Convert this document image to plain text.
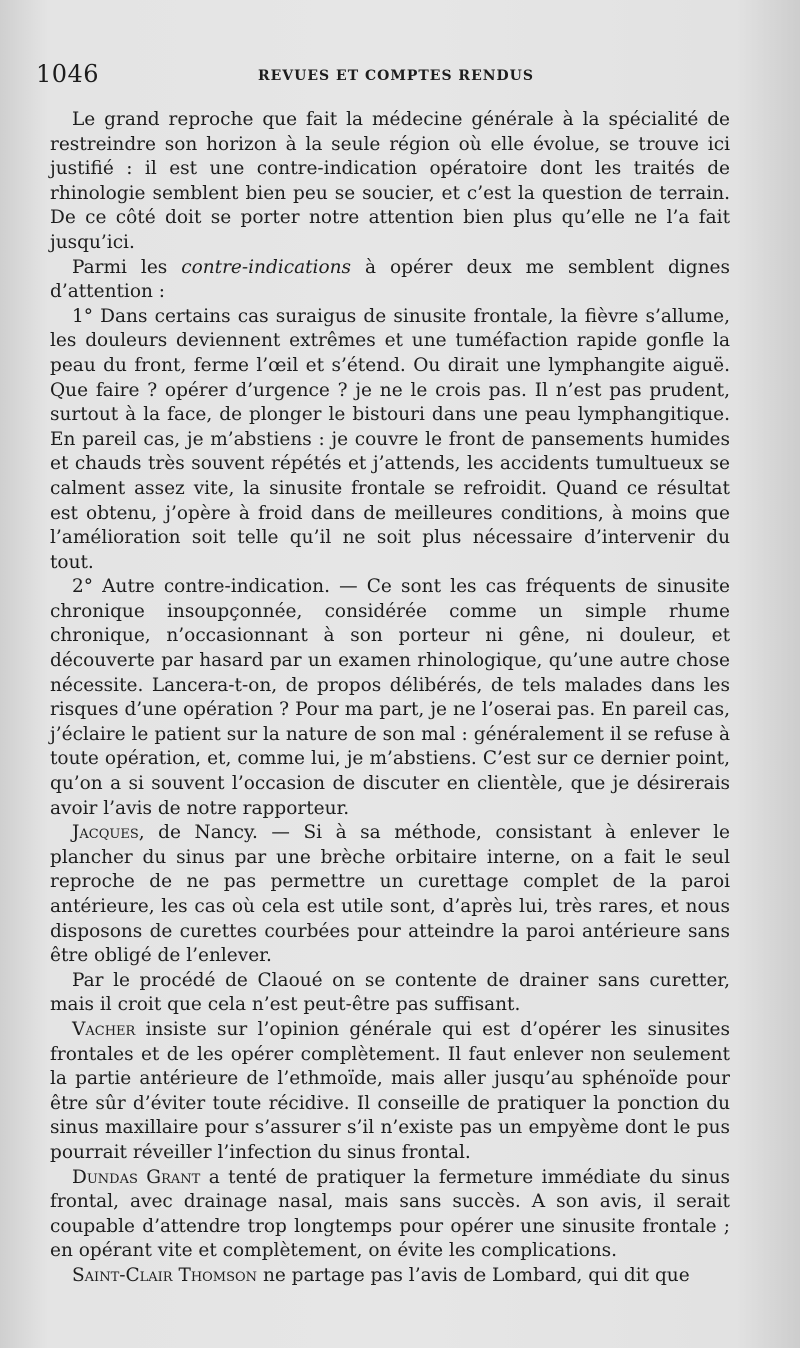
1046	REVUES ET COMPTES RENDUS

Le grand reproche que fait la médecine générale à la spécialité de restreindre son horizon à la seule région où elle évolue, se trouve ici justifié : il est une contre-indication opératoire dont les traités de rhinologie semblent bien peu se soucier, et c’est la question de terrain. De ce côté doit se porter notre attention bien plus qu’elle ne l’a fait jusqu’ici.

Parmi les contre-indications à opérer deux me semblent dignes d’attention :

1° Dans certains cas suraigus de sinusite frontale, la fièvre s’allume, les douleurs deviennent extrêmes et une tuméfaction rapide gonfle la peau du front, ferme l’œil et s’étend. Ou dirait une lymphangite aiguë. Que faire ? opérer d’urgence ? je ne le crois pas. Il n’est pas prudent, surtout à la face, de plonger le bistouri dans une peau lymphangitique. En pareil cas, je m’abstiens : je couvre le front de pansements humides et chauds très souvent répétés et j’attends, les accidents tumultueux se calment assez vite, la sinusite frontale se refroidit. Quand ce résultat est obtenu, j’opère à froid dans de meilleures conditions, à moins que l’amélioration soit telle qu’il ne soit plus nécessaire d’intervenir du tout.

2° Autre contre-indication. — Ce sont les cas fréquents de sinusite chronique insoupçonnée, considérée comme un simple rhume chronique, n’occasionnant à son porteur ni gêne, ni douleur, et découverte par hasard par un examen rhinologique, qu’une autre chose nécessite. Lancera-t-on, de propos délibérés, de tels malades dans les risques d’une opération ? Pour ma part, je ne l’oserai pas. En pareil cas, j’éclaire le patient sur la nature de son mal : généralement il se refuse à toute opération, et, comme lui, je m’abstiens. C’est sur ce dernier point, qu’on a si souvent l’occasion de discuter en clientèle, que je désirerais avoir l’avis de notre rapporteur.

Jacques, de Nancy. — Si à sa méthode, consistant à enlever le plancher du sinus par une brèche orbitaire interne, on a fait le seul reproche de ne pas permettre un curettage complet de la paroi antérieure, les cas où cela est utile sont, d’après lui, très rares, et nous disposons de curettes courbées pour atteindre la paroi antérieure sans être obligé de l’enlever.

Par le procédé de Claoué on se contente de drainer sans curetter, mais il croit que cela n’est peut-être pas suffisant.

Vacher insiste sur l’opinion générale qui est d’opérer les sinusites frontales et de les opérer complètement. Il faut enlever non seulement la partie antérieure de l’ethmoïde, mais aller jusqu’au sphénoïde pour être sûr d’éviter toute récidive. Il conseille de pratiquer la ponction du sinus maxillaire pour s’assurer s’il n’existe pas un empyème dont le pus pourrait réveiller l’infection du sinus frontal.

Dundas Grant a tenté de pratiquer la fermeture immédiate du sinus frontal, avec drainage nasal, mais sans succès. A son avis, il serait coupable d’attendre trop longtemps pour opérer une sinusite frontale ; en opérant vite et complètement, on évite les complications.

Saint-Clair Thomson ne partage pas l’avis de Lombard, qui dit que
